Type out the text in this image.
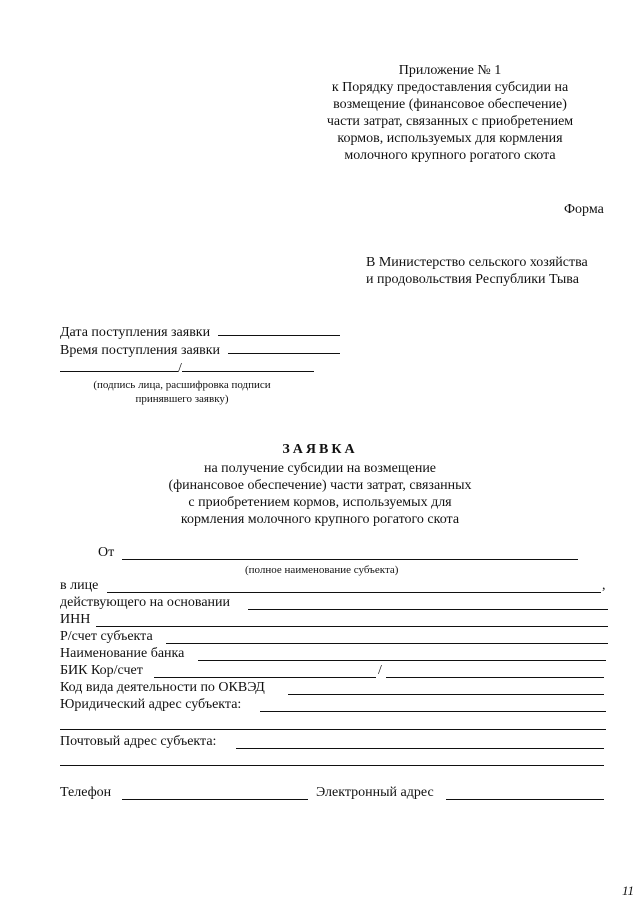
Приложение № 1
к Порядку предоставления субсидии на
возмещение (финансовое обеспечение)
части затрат, связанных с приобретением
кормов, используемых для кормления
молочного крупного рогатого скота
Форма
В Министерство сельского хозяйства
и продовольствия Республики Тыва
Дата поступления заявки
Время поступления заявки
/
(подпись лица, расшифровка подписи
принявшего заявку)
ЗАЯВКА
на получение субсидии на возмещение
(финансовое обеспечение) части затрат, связанных
с приобретением кормов, используемых для
кормления молочного крупного рогатого скота
От
(полное наименование субъекта)
в лице	,
действующего на основании
ИНН
Р/счет субъекта
Наименование банка
БИК Кор/счет	/
Код вида деятельности по ОКВЭД
Юридический адрес субъекта:
Почтовый адрес субъекта:
Телефон	Электронный адрес
11
